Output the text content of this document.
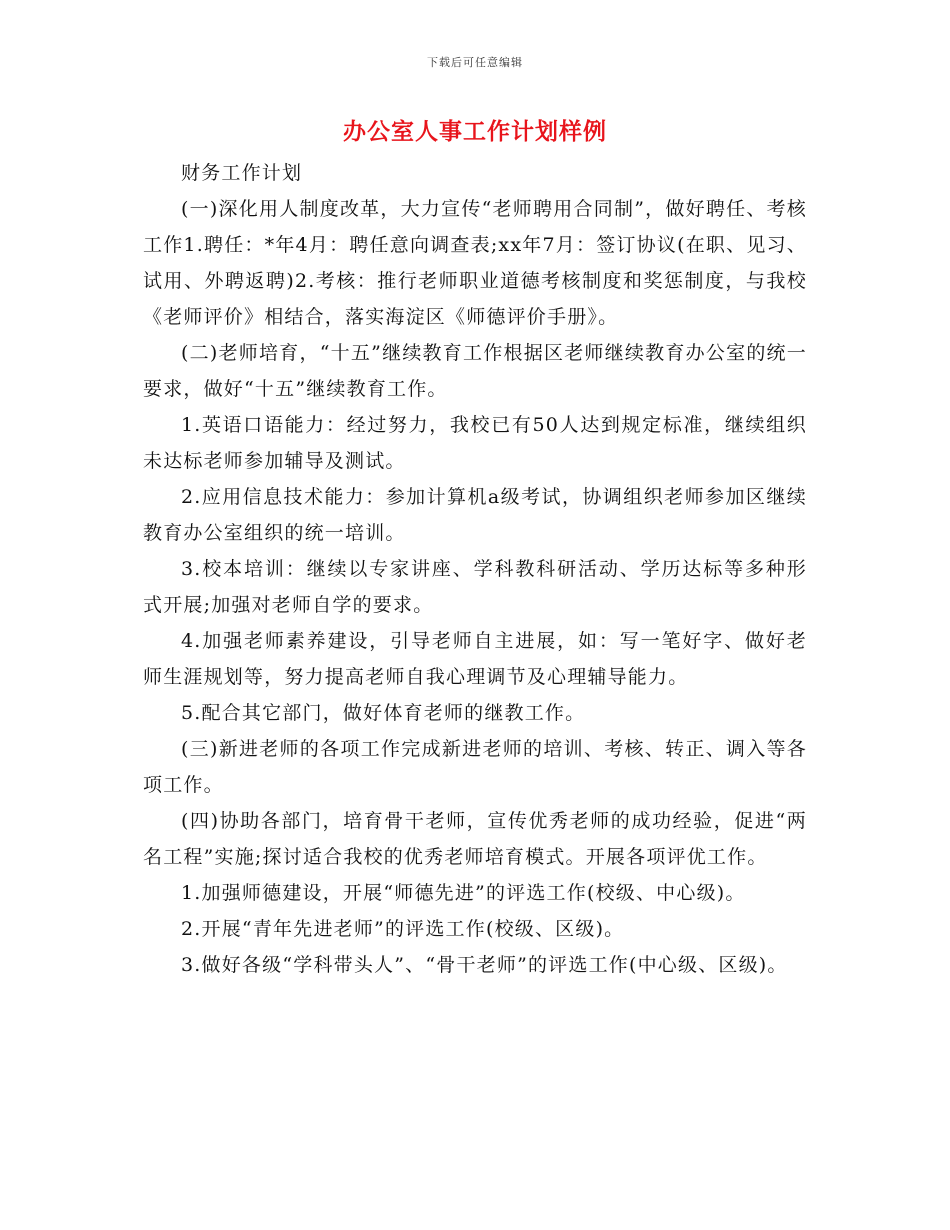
下载后可任意编辑
办公室人事工作计划样例

财务工作计划

(一)深化用人制度改革，大力宣传“老师聘用合同制”，做好聘任、考核工作1.聘任：*年4月：聘任意向调查表;xx年7月：签订协议(在职、见习、试用、外聘返聘)2.考核：推行老师职业道德考核制度和奖惩制度，与我校《老师评价》相结合，落实海淀区《师德评价手册》。

(二)老师培育，“十五”继续教育工作根据区老师继续教育办公室的统一要求，做好“十五”继续教育工作。

1.英语口语能力：经过努力，我校已有50人达到规定标准，继续组织未达标老师参加辅导及测试。

2.应用信息技术能力：参加计算机a级考试，协调组织老师参加区继续教育办公室组织的统一培训。

3.校本培训：继续以专家讲座、学科教科研活动、学历达标等多种形式开展;加强对老师自学的要求。

4.加强老师素养建设，引导老师自主进展，如：写一笔好字、做好老师生涯规划等，努力提高老师自我心理调节及心理辅导能力。

5.配合其它部门，做好体育老师的继教工作。

(三)新进老师的各项工作完成新进老师的培训、考核、转正、调入等各项工作。

(四)协助各部门，培育骨干老师，宣传优秀老师的成功经验，促进“两名工程”实施;探讨适合我校的优秀老师培育模式。开展各项评优工作。

1.加强师德建设，开展“师德先进”的评选工作(校级、中心级)。

2.开展“青年先进老师”的评选工作(校级、区级)。

3.做好各级“学科带头人”、“骨干老师”的评选工作(中心级、区级)。
